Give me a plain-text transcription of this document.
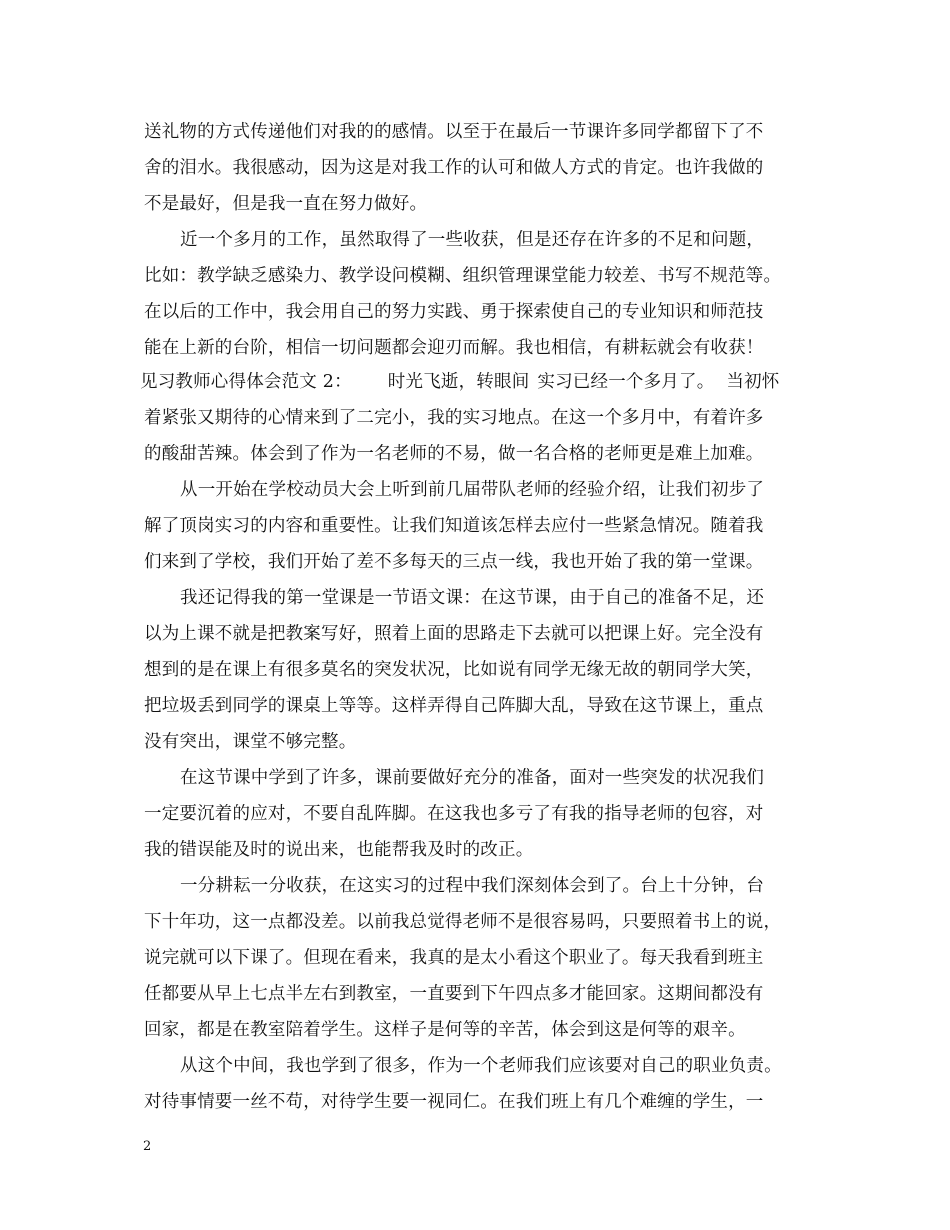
送礼物的方式传递他们对我的的感情。以至于在最后一节课许多同学都留下了不
舍的泪水。我很感动，因为这是对我工作的认可和做人方式的肯定。也许我做的
不是最好，但是我一直在努力做好。
近一个多月的工作，虽然取得了一些收获，但是还存在许多的不足和问题，
比如：教学缺乏感染力、教学设问模糊、组织管理课堂能力较差、书写不规范等。
在以后的工作中，我会用自己的努力实践、勇于探索使自己的专业知识和师范技
能在上新的台阶，相信一切问题都会迎刃而解。我也相信，有耕耘就会有收获！
见习教师心得体会范文 2： 时光飞逝，转眼间 实习已经一个多月了。 当初怀
着紧张又期待的心情来到了二完小，我的实习地点。在这一个多月中，有着许多
的酸甜苦辣。体会到了作为一名老师的不易，做一名合格的老师更是难上加难。
从一开始在学校动员大会上听到前几届带队老师的经验介绍，让我们初步了
解了顶岗实习的内容和重要性。让我们知道该怎样去应付一些紧急情况。随着我
们来到了学校，我们开始了差不多每天的三点一线，我也开始了我的第一堂课。
我还记得我的第一堂课是一节语文课：在这节课，由于自己的准备不足，还
以为上课不就是把教案写好，照着上面的思路走下去就可以把课上好。完全没有
想到的是在课上有很多莫名的突发状况，比如说有同学无缘无故的朝同学大笑，
把垃圾丢到同学的课桌上等等。这样弄得自己阵脚大乱，导致在这节课上，重点
没有突出，课堂不够完整。
在这节课中学到了许多，课前要做好充分的准备，面对一些突发的状况我们
一定要沉着的应对，不要自乱阵脚。在这我也多亏了有我的指导老师的包容，对
我的错误能及时的说出来，也能帮我及时的改正。
一分耕耘一分收获，在这实习的过程中我们深刻体会到了。台上十分钟，台
下十年功，这一点都没差。以前我总觉得老师不是很容易吗，只要照着书上的说，
说完就可以下课了。但现在看来，我真的是太小看这个职业了。每天我看到班主
任都要从早上七点半左右到教室，一直要到下午四点多才能回家。这期间都没有
回家，都是在教室陪着学生。这样子是何等的辛苦，体会到这是何等的艰辛。
从这个中间，我也学到了很多，作为一个老师我们应该要对自己的职业负责。
对待事情要一丝不苟，对待学生要一视同仁。在我们班上有几个难缠的学生，一
2
